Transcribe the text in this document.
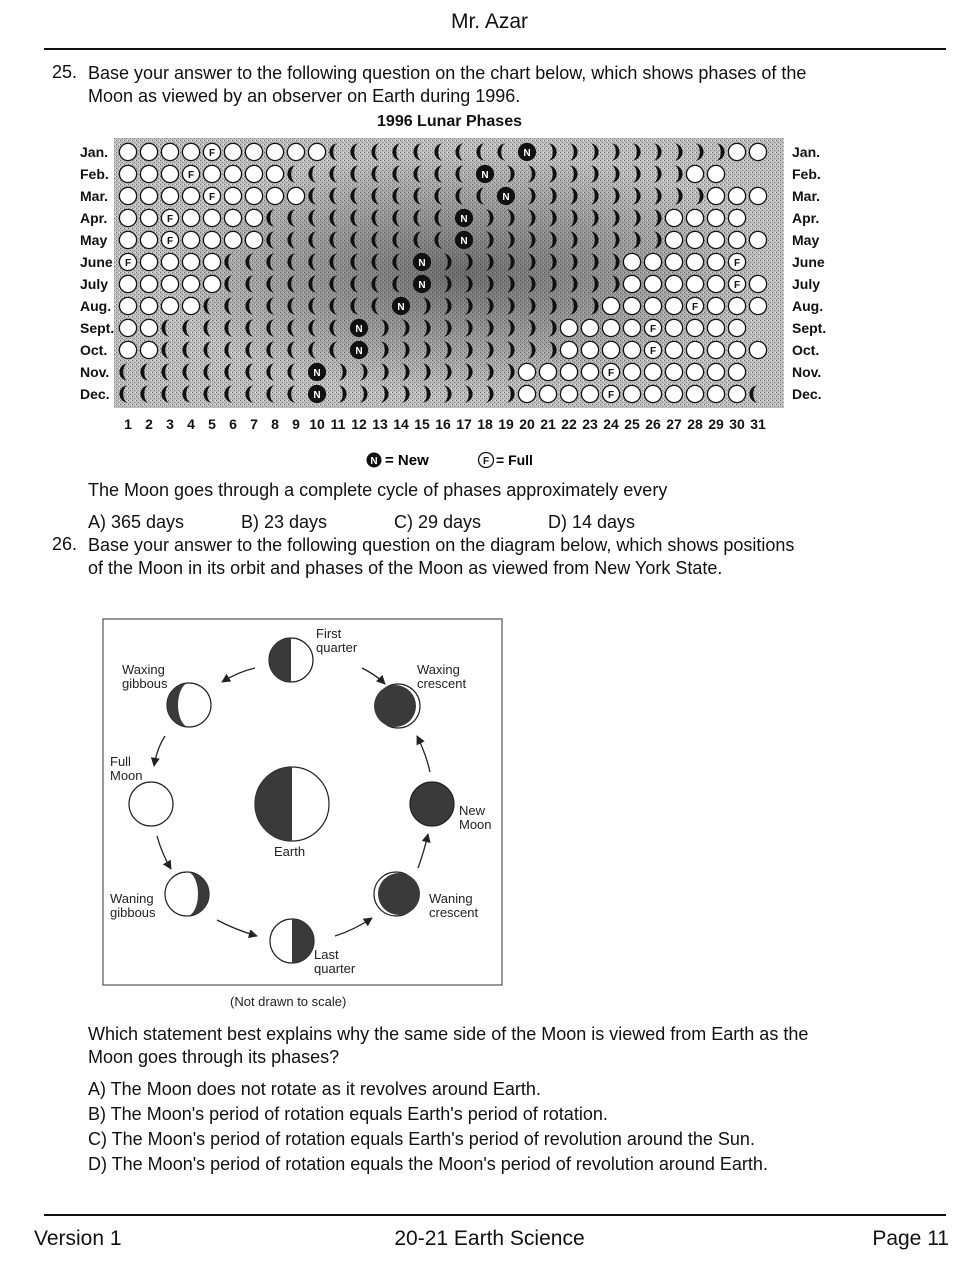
Mr. Azar
25. Base your answer to the following question on the chart below, which shows phases of the
Moon as viewed by an observer on Earth during 1996.
1996 Lunar Phases
Jan.	Jan.
F	N
Feb.	Feb.
F	N
Mar.	Mar.
F	N
Apr.	Apr.
F	N
May	May
F	N
June	June
F	N	F
July	July
N	F
Aug.	Aug.
N	F
Sept.	Sept.
N	F
Oct.	Oct.
N	F
Nov.	Nov.
N	F
Dec.	Dec.
N	F
1 2 3 4 5 6 7 8 9 10 11 12 13 14 15 16 17 18 19 20 21 22 23 24 25 26 27 28 29 30 31
N = New	F = Full
The Moon goes through a complete cycle of phases approximately every
A) 365 days	B) 23 days	C) 29 days	D) 14 days
26. Base your answer to the following question on the diagram below, which shows positions
of the Moon in its orbit and phases of the Moon as viewed from New York State.
Earth
First quarter
Waxing crescent
Waxing gibbous
Full Moon
New Moon
Waning gibbous
Waning crescent
Last quarter
(Not drawn to scale)
Which statement best explains why the same side of the Moon is viewed from Earth as the
Moon goes through its phases?
A) The Moon does not rotate as it revolves around Earth.
B) The Moon's period of rotation equals Earth's period of rotation.
C) The Moon's period of rotation equals Earth's period of revolution around the Sun.
D) The Moon's period of rotation equals the Moon's period of revolution around Earth.
Version 1	20-21 Earth Science	Page 11
